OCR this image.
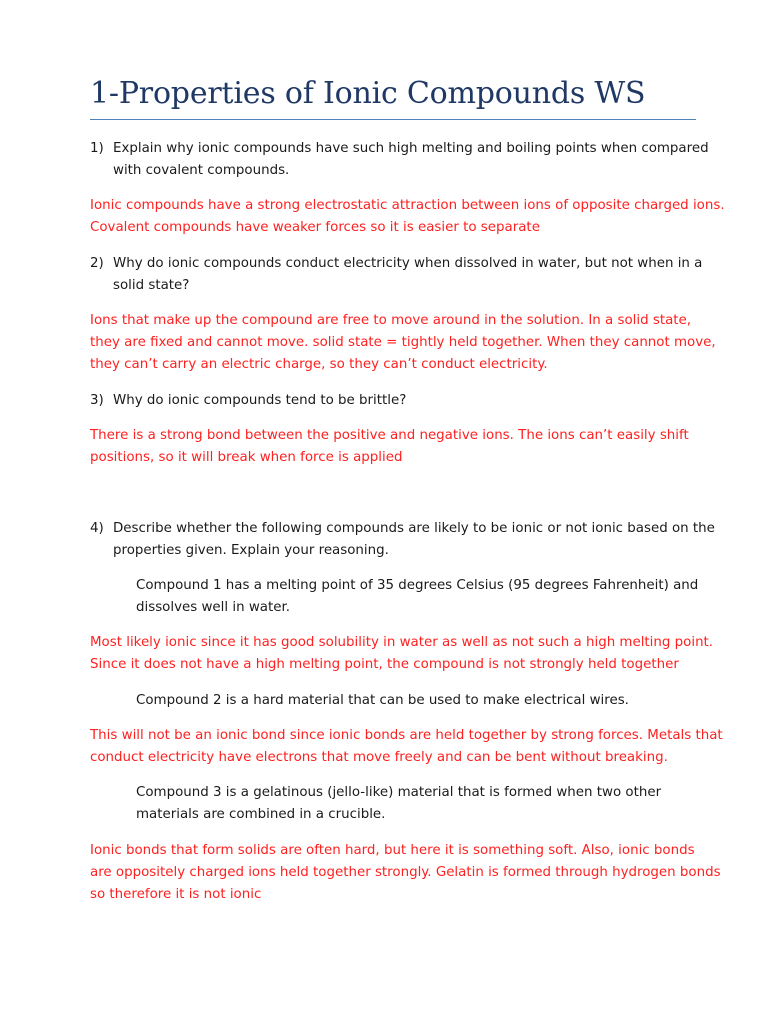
1-Properties of Ionic Compounds WS
1) Explain why ionic compounds have such high melting and boiling points when compared
with covalent compounds.
Ionic compounds have a strong electrostatic attraction between ions of opposite charged ions.
Covalent compounds have weaker forces so it is easier to separate
2) Why do ionic compounds conduct electricity when dissolved in water, but not when in a
solid state?
Ions that make up the compound are free to move around in the solution. In a solid state,
they are fixed and cannot move. solid state = tightly held together. When they cannot move,
they can’t carry an electric charge, so they can’t conduct electricity.
3) Why do ionic compounds tend to be brittle?
There is a strong bond between the positive and negative ions. The ions can’t easily shift
positions, so it will break when force is applied
4) Describe whether the following compounds are likely to be ionic or not ionic based on the
properties given. Explain your reasoning.
Compound 1 has a melting point of 35 degrees Celsius (95 degrees Fahrenheit) and
dissolves well in water.
Most likely ionic since it has good solubility in water as well as not such a high melting point.
Since it does not have a high melting point, the compound is not strongly held together
Compound 2 is a hard material that can be used to make electrical wires.
This will not be an ionic bond since ionic bonds are held together by strong forces. Metals that
conduct electricity have electrons that move freely and can be bent without breaking.
Compound 3 is a gelatinous (jello-like) material that is formed when two other
materials are combined in a crucible.
Ionic bonds that form solids are often hard, but here it is something soft. Also, ionic bonds
are oppositely charged ions held together strongly. Gelatin is formed through hydrogen bonds
so therefore it is not ionic
